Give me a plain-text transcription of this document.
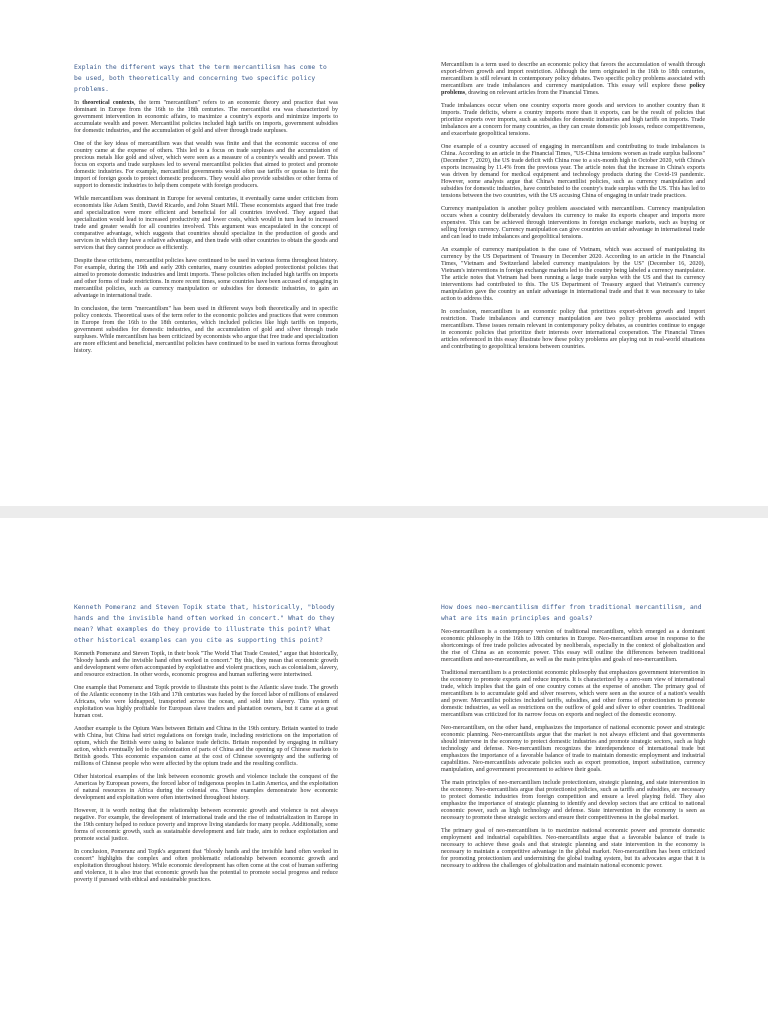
Explain the different ways that the term mercantilism has come to be used, both theoretically and concerning two specific policy problems.
In theoretical contexts, the term "mercantilism" refers to an economic theory and practice that was dominant in Europe from the 16th to the 18th centuries. The mercantilist era was characterized by government intervention in economic affairs, to maximize a country's exports and minimize imports to accumulate wealth and power. Mercantilist policies included high tariffs on imports, government subsidies for domestic industries, and the accumulation of gold and silver through trade surpluses.
One of the key ideas of mercantilism was that wealth was finite and that the economic success of one country came at the expense of others. This led to a focus on trade surpluses and the accumulation of precious metals like gold and silver, which were seen as a measure of a country's wealth and power. This focus on exports and trade surpluses led to several mercantilist policies that aimed to protect and promote domestic industries. For example, mercantilist governments would often use tariffs or quotas to limit the import of foreign goods to protect domestic producers. They would also provide subsidies or other forms of support to domestic industries to help them compete with foreign producers.
While mercantilism was dominant in Europe for several centuries, it eventually came under criticism from economists like Adam Smith, David Ricardo, and John Stuart Mill. These economists argued that free trade and specialization were more efficient and beneficial for all countries involved. They argued that specialization would lead to increased productivity and lower costs, which would in turn lead to increased trade and greater wealth for all countries involved. This argument was encapsulated in the concept of comparative advantage, which suggests that countries should specialize in the production of goods and services in which they have a relative advantage, and then trade with other countries to obtain the goods and services that they cannot produce as efficiently.
Despite these criticisms, mercantilist policies have continued to be used in various forms throughout history. For example, during the 19th and early 20th centuries, many countries adopted protectionist policies that aimed to promote domestic industries and limit imports. These policies often included high tariffs on imports and other forms of trade restrictions. In more recent times, some countries have been accused of engaging in mercantilist policies, such as currency manipulation or subsidies for domestic industries, to gain an advantage in international trade.
In conclusion, the term "mercantilism" has been used in different ways both theoretically and in specific policy contexts. Theoretical uses of the term refer to the economic policies and practices that were common in Europe from the 16th to the 18th centuries, which included policies like high tariffs on imports, government subsidies for domestic industries, and the accumulation of gold and silver through trade surpluses. While mercantilism has been criticized by economists who argue that free trade and specialization are more efficient and beneficial, mercantilist policies have continued to be used in various forms throughout history.
Mercantilism is a term used to describe an economic policy that favors the accumulation of wealth through export-driven growth and import restriction. Although the term originated in the 16th to 18th centuries, mercantilism is still relevant in contemporary policy debates. Two specific policy problems associated with mercantilism are trade imbalances and currency manipulation. This essay will explore these policy problems, drawing on relevant articles from the Financial Times.
Trade imbalances occur when one country exports more goods and services to another country than it imports. Trade deficits, where a country imports more than it exports, can be the result of policies that prioritize exports over imports, such as subsidies for domestic industries and high tariffs on imports. Trade imbalances are a concern for many countries, as they can create domestic job losses, reduce competitiveness, and exacerbate geopolitical tensions.
One example of a country accused of engaging in mercantilism and contributing to trade imbalances is China. According to an article in the Financial Times, "US-China tensions worsen as trade surplus balloons" (December 7, 2020), the US trade deficit with China rose to a six-month high in October 2020, with China's exports increasing by 11.4% from the previous year. The article notes that the increase in China's exports was driven by demand for medical equipment and technology products during the Covid-19 pandemic. However, some analysts argue that China's mercantilist policies, such as currency manipulation and subsidies for domestic industries, have contributed to the country's trade surplus with the US. This has led to tensions between the two countries, with the US accusing China of engaging in unfair trade practices.
Currency manipulation is another policy problem associated with mercantilism. Currency manipulation occurs when a country deliberately devalues its currency to make its exports cheaper and imports more expensive. This can be achieved through interventions in foreign exchange markets, such as buying or selling foreign currency. Currency manipulation can give countries an unfair advantage in international trade and can lead to trade imbalances and geopolitical tensions.
An example of currency manipulation is the case of Vietnam, which was accused of manipulating its currency by the US Department of Treasury in December 2020. According to an article in the Financial Times, "Vietnam and Switzerland labeled currency manipulators by the US" (December 16, 2020), Vietnam's interventions in foreign exchange markets led to the country being labeled a currency manipulator. The article notes that Vietnam had been running a large trade surplus with the US and that its currency interventions had contributed to this. The US Department of Treasury argued that Vietnam's currency manipulation gave the country an unfair advantage in international trade and that it was necessary to take action to address this.
In conclusion, mercantilism is an economic policy that prioritizes export-driven growth and import restriction. Trade imbalances and currency manipulation are two policy problems associated with mercantilism. These issues remain relevant in contemporary policy debates, as countries continue to engage in economic policies that prioritize their interests over international cooperation. The Financial Times articles referenced in this essay illustrate how these policy problems are playing out in real-world situations and contributing to geopolitical tensions between countries.
Kenneth Pomeranz and Steven Topik state that, historically, "bloody hands and the invisible hand often worked in concert." What do they mean? What examples do they provide to illustrate this point? What other historical examples can you cite as supporting this point?
Kenneth Pomeranz and Steven Topik, in their book "The World That Trade Created," argue that historically, "bloody hands and the invisible hand often worked in concert." By this, they mean that economic growth and development were often accompanied by exploitative and violent practices, such as colonialism, slavery, and resource extraction. In other words, economic progress and human suffering were intertwined.
One example that Pomeranz and Topik provide to illustrate this point is the Atlantic slave trade. The growth of the Atlantic economy in the 16th and 17th centuries was fueled by the forced labor of millions of enslaved Africans, who were kidnapped, transported across the ocean, and sold into slavery. This system of exploitation was highly profitable for European slave traders and plantation owners, but it came at a great human cost.
Another example is the Opium Wars between Britain and China in the 19th century. Britain wanted to trade with China, but China had strict regulations on foreign trade, including restrictions on the importation of opium, which the British were using to balance trade deficits. Britain responded by engaging in military action, which eventually led to the colonization of parts of China and the opening up of Chinese markets to British goods. This economic expansion came at the cost of Chinese sovereignty and the suffering of millions of Chinese people who were affected by the opium trade and the resulting conflicts.
Other historical examples of the link between economic growth and violence include the conquest of the Americas by European powers, the forced labor of indigenous peoples in Latin America, and the exploitation of natural resources in Africa during the colonial era. These examples demonstrate how economic development and exploitation were often intertwined throughout history.
However, it is worth noting that the relationship between economic growth and violence is not always negative. For example, the development of international trade and the rise of industrialization in Europe in the 19th century helped to reduce poverty and improve living standards for many people. Additionally, some forms of economic growth, such as sustainable development and fair trade, aim to reduce exploitation and promote social justice.
In conclusion, Pomeranz and Topik's argument that "bloody hands and the invisible hand often worked in concert" highlights the complex and often problematic relationship between economic growth and exploitation throughout history. While economic development has often come at the cost of human suffering and violence, it is also true that economic growth has the potential to promote social progress and reduce poverty if pursued with ethical and sustainable practices.
How does neo-mercantilism differ from traditional mercantilism, and what are its main principles and goals?
Neo-mercantilism is a contemporary version of traditional mercantilism, which emerged as a dominant economic philosophy in the 16th to 18th centuries in Europe. Neo-mercantilism arose in response to the shortcomings of free trade policies advocated by neoliberals, especially in the context of globalization and the rise of China as an economic power. This essay will outline the differences between traditional mercantilism and neo-mercantilism, as well as the main principles and goals of neo-mercantilism.
Traditional mercantilism is a protectionist economic philosophy that emphasizes government intervention in the economy to promote exports and reduce imports. It is characterized by a zero-sum view of international trade, which implies that the gain of one country comes at the expense of another. The primary goal of mercantilism is to accumulate gold and silver reserves, which were seen as the source of a nation's wealth and power. Mercantilist policies included tariffs, subsidies, and other forms of protectionism to promote domestic industries, as well as restrictions on the outflow of gold and silver to other countries. Traditional mercantilism was criticized for its narrow focus on exports and neglect of the domestic economy.
Neo-mercantilism, on the other hand, emphasizes the importance of national economic power and strategic economic planning. Neo-mercantilists argue that the market is not always efficient and that governments should intervene in the economy to protect domestic industries and promote strategic sectors, such as high technology and defense. Neo-mercantilism recognizes the interdependence of international trade but emphasizes the importance of a favorable balance of trade to maintain domestic employment and industrial capabilities. Neo-mercantilists advocate policies such as export promotion, import substitution, currency manipulation, and government procurement to achieve their goals.
The main principles of neo-mercantilism include protectionism, strategic planning, and state intervention in the economy. Neo-mercantilists argue that protectionist policies, such as tariffs and subsidies, are necessary to protect domestic industries from foreign competition and ensure a level playing field. They also emphasize the importance of strategic planning to identify and develop sectors that are critical to national economic power, such as high technology and defense. State intervention in the economy is seen as necessary to promote these strategic sectors and ensure their competitiveness in the global market.
The primary goal of neo-mercantilism is to maximize national economic power and promote domestic employment and industrial capabilities. Neo-mercantilists argue that a favorable balance of trade is necessary to achieve these goals and that strategic planning and state intervention in the economy is necessary to maintain a competitive advantage in the global market. Neo-mercantilism has been criticized for promoting protectionism and undermining the global trading system, but its advocates argue that it is necessary to address the challenges of globalization and maintain national economic power.
